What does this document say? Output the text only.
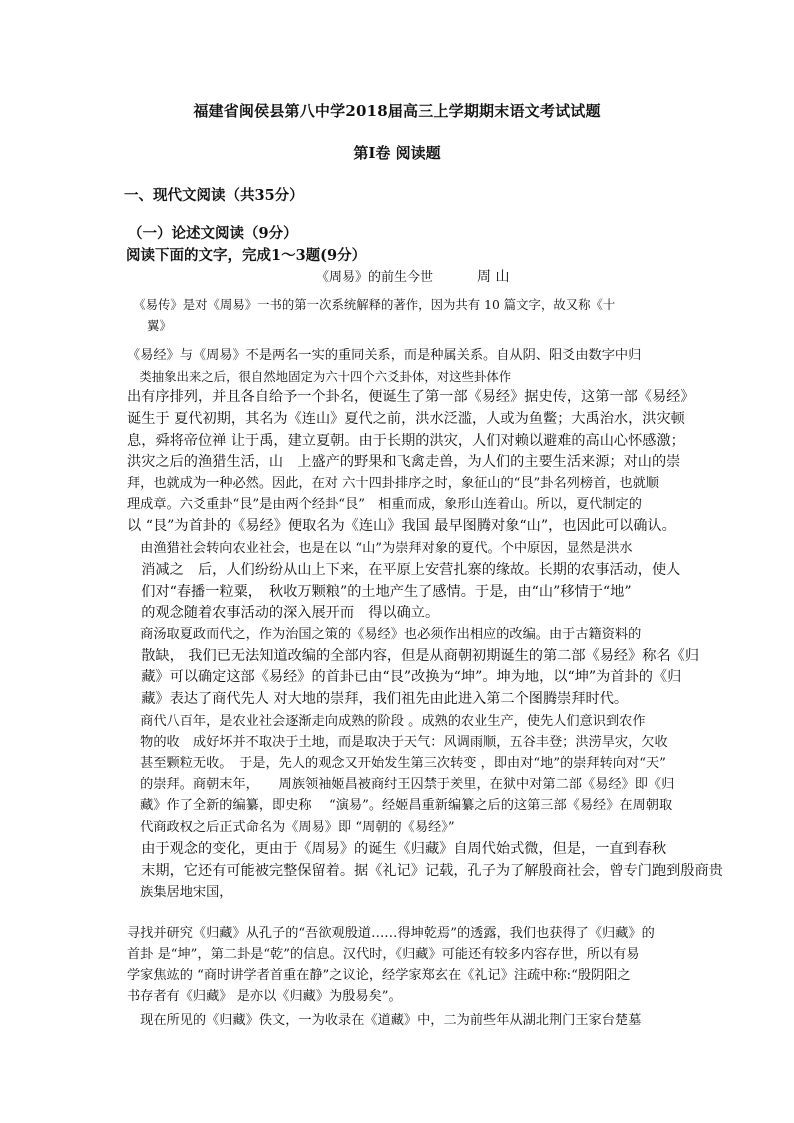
福建省闽侯县第八中学2018届高三上学期期末语文考试试题
第Ⅰ卷 阅读题
一、现代文阅读（共35分）
（一）论述文阅读（9分）
阅读下面的文字，完成1～3题(9分）
《周易》的前生今世	周 山
　《易传》是对《周易》一书的第一次系统解释的著作，因为共有 10 篇文字，故又称《十
翼》
《易经》与《周易》不是两名一实的重同关系，而是种属关系。自从阴、阳爻由数字中归
　类抽象出来之后，很自然地固定为六十四个六爻卦体，对这些卦体作
出有序排列，并且各自给予一个卦名，便诞生了第一部《易经》据史传，这第一部《易经》
诞生于 夏代初期，其名为《连山》夏代之前，洪水泛滥，人或为鱼鳖；大禹治水，洪灾顿
息，舜将帝位禅 让于禹，建立夏朝。由于长期的洪灾，人们对赖以避难的高山心怀感激；
洪灾之后的渔猎生活，山　上盛产的野果和飞禽走兽，为人们的主要生活来源；对山的崇
拜，也就成为一种必然。因此，在对 六十四卦排序之时，象征山的“艮”卦名列榜首，也就顺
理成章。六爻重卦“艮”是由两个经卦“艮”　相重而成，象形山连着山。所以，夏代制定的
以 “艮”为首卦的《易经》便取名为《连山》我国 最早图腾对象“山”，也因此可以确认。
　由渔猎社会转向农业社会，也是在以 “山”为崇拜对象的夏代。个中原因，显然是洪水
　消减之　后，人们纷纷从山上下来，在平原上安营扎寨的缘故。长期的农事活动，使人
　们对“春播一粒粟，　秋收万颗粮”的土地产生了感情。于是，由“山”移情于“地”
　的观念随着农事活动的深入展开而　得以确立。
　商汤取夏政而代之，作为治国之策的《易经》也必须作出相应的改编。由于古籍资料的
　散缺， 我们已无法知道改编的全部内容，但是从商朝初期诞生的第二部《易经》称名《归
　藏》可以确定这部《易经》的首卦已由“艮”改换为“坤”。坤为地，以“坤”为首卦的《归
　藏》表达了商代先人 对大地的崇拜，我们祖先由此进入第二个图腾崇拜时代。
　商代八百年，是农业社会逐渐走向成熟的阶段 。成熟的农业生产，使先人们意识到农作
　物的收　成好坏并不取决于土地，而是取决于天气：风调雨顺，五谷丰登；洪涝旱灾，欠收
　甚至颗粒无收。　于是，先人的观念又开始发生第三次转变 ，即由对“地”的崇拜转向对“天”
　的崇拜。商朝末年，　　周族领袖姬昌被商纣王囚禁于羑里，在狱中对第二部《易经》即《归
　藏》作了全新的编纂，即史称　 “演易”。经姬昌重新编纂之后的这第三部《易经》在周朝取
　代商政权之后正式命名为《周易》即 “周朝的《易经》”
　由于观念的变化，更由于《周易》的诞生《归藏》自周代始式微，但是，一直到春秋
　末期，它还有可能被完整保留着。据《礼记》记载，孔子为了解殷商社会，曾专门跑到殷商贵
　族集居地宋国，
寻找并研究《归藏》从孔子的“吾欲观殷道……得坤乾焉”的透露，我们也获得了《归藏》的
首卦 是“坤”，第二卦是“乾”的信息。汉代时，《归藏》可能还有较多内容存世，所以有易
学家焦竑的 “商时讲学者首重在静”之议论，经学家郑玄在《礼记》注疏中称:“殷阴阳之
书存者有《归藏》 是亦以《归藏》为殷易矣”。
　现在所见的《归藏》佚文，一为收录在《道藏》中，二为前些年从湖北荆门王家台楚墓
